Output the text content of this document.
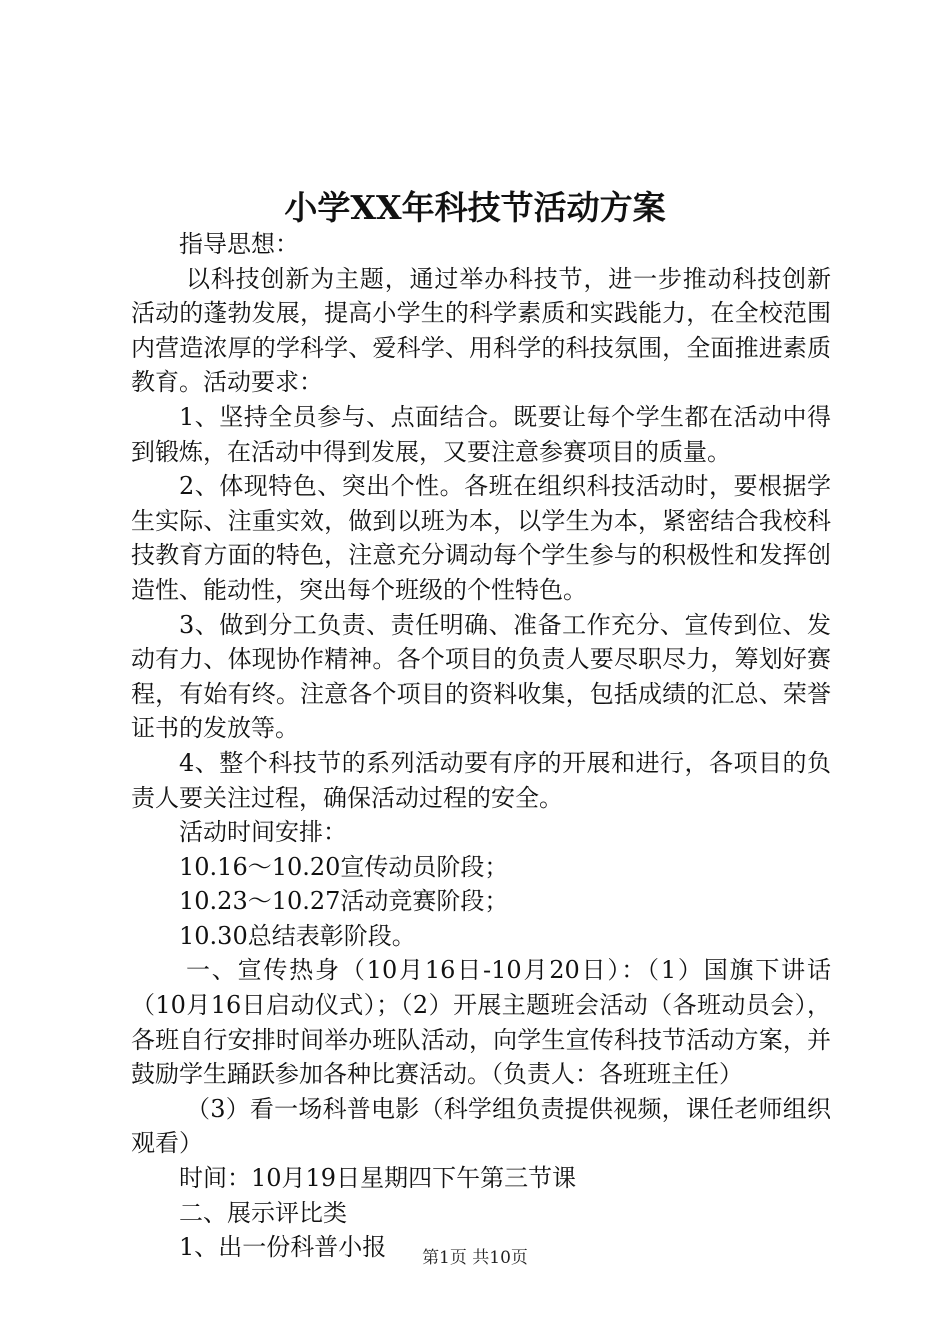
小学XX年科技节活动方案

指导思想：

以科技创新为主题，通过举办科技节，进一步推动科技创新活动的蓬勃发展，提高小学生的科学素质和实践能力，在全校范围内营造浓厚的学科学、爱科学、用科学的科技氛围，全面推进素质教育。活动要求：

1、坚持全员参与、点面结合。既要让每个学生都在活动中得到锻炼，在活动中得到发展，又要注意参赛项目的质量。

2、体现特色、突出个性。各班在组织科技活动时，要根据学生实际、注重实效，做到以班为本，以学生为本，紧密结合我校科技教育方面的特色，注意充分调动每个学生参与的积极性和发挥创造性、能动性，突出每个班级的个性特色。

3、做到分工负责、责任明确、准备工作充分、宣传到位、发动有力、体现协作精神。各个项目的负责人要尽职尽力，筹划好赛程，有始有终。注意各个项目的资料收集，包括成绩的汇总、荣誉证书的发放等。

4、整个科技节的系列活动要有序的开展和进行，各项目的负责人要关注过程，确保活动过程的安全。

活动时间安排：

10.16～10.20宣传动员阶段；

10.23～10.27活动竞赛阶段；

10.30总结表彰阶段。

一、宣传热身（10月16日-10月20日）：（1）国旗下讲话（10月16日启动仪式）；（2）开展主题班会活动（各班动员会），各班自行安排时间举办班队活动，向学生宣传科技节活动方案，并鼓励学生踊跃参加各种比赛活动。（负责人：各班班主任）

（3）看一场科普电影（科学组负责提供视频，课任老师组织观看）

时间：10月19日星期四下午第三节课

二、展示评比类

1、出一份科普小报	第1页 共10页
